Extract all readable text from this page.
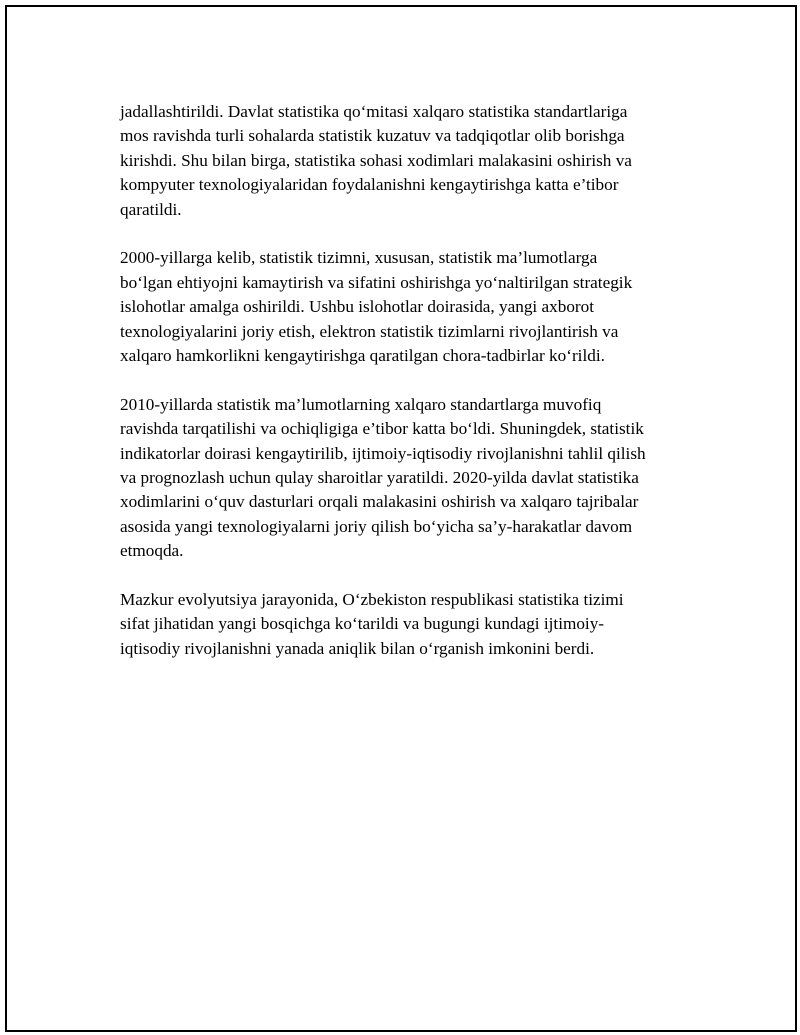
jadallashtirildi. Davlat statistika qo‘mitasi xalqaro statistika standartlariga
mos ravishda turli sohalarda statistik kuzatuv va tadqiqotlar olib borishga
kirishdi. Shu bilan birga, statistika sohasi xodimlari malakasini oshirish va
kompyuter texnologiyalaridan foydalanishni kengaytirishga katta e’tibor
qaratildi.

2000-yillarga kelib, statistik tizimni, xususan, statistik ma’lumotlarga
bo‘lgan ehtiyojni kamaytirish va sifatini oshirishga yo‘naltirilgan strategik
islohotlar amalga oshirildi. Ushbu islohotlar doirasida, yangi axborot
texnologiyalarini joriy etish, elektron statistik tizimlarni rivojlantirish va
xalqaro hamkorlikni kengaytirishga qaratilgan chora-tadbirlar ko‘rildi.

2010-yillarda statistik ma’lumotlarning xalqaro standartlarga muvofiq
ravishda tarqatilishi va ochiqligiga e’tibor katta bo‘ldi. Shuningdek, statistik
indikatorlar doirasi kengaytirilib, ijtimoiy-iqtisodiy rivojlanishni tahlil qilish
va prognozlash uchun qulay sharoitlar yaratildi. 2020-yilda davlat statistika
xodimlarini o‘quv dasturlari orqali malakasini oshirish va xalqaro tajribalar
asosida yangi texnologiyalarni joriy qilish bo‘yicha sa’y-harakatlar davom
etmoqda.

Mazkur evolyutsiya jarayonida, O‘zbekiston respublikasi statistika tizimi
sifat jihatidan yangi bosqichga ko‘tarildi va bugungi kundagi ijtimoiy-
iqtisodiy rivojlanishni yanada aniqlik bilan o‘rganish imkonini berdi.
